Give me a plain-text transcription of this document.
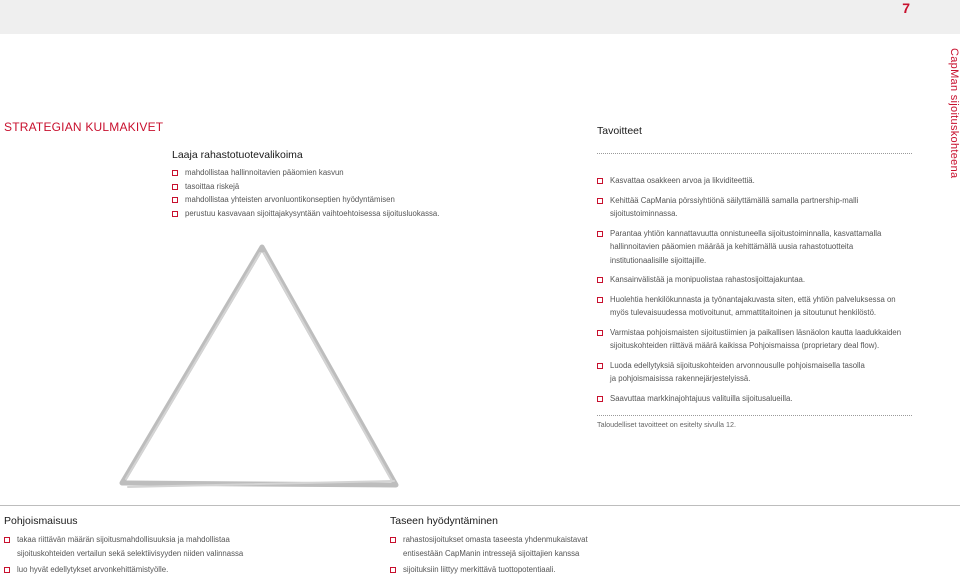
7
CapMan sijoituskohteena
STRATEGIAN KULMAKIVET
Laaja rahastotuotevalikoima
mahdollistaa hallinnoitavien pääomien kasvun
tasoittaa riskejä
mahdollistaa yhteisten arvonluontikonseptien hyödyntämisen
perustuu kasvavaan sijoittajakysyntään vaihtoehtoisessa sijoitusluokassa.
Tavoitteet
Kasvattaa osakkeen arvoa ja likviditeettiä.
Kehittää CapMania pörssiyhtiönä säilyttämällä samalla partnership-malli
sijoitustoiminnassa.
Parantaa yhtiön kannattavuutta onnistuneella sijoitustoiminnalla, kasvattamalla
hallinnoitavien pääomien määrää ja kehittämällä uusia rahastotuotteita
institutionaalisille sijoittajille.
Kansainvälistää ja monipuolistaa rahastosijoittajakuntaa.
Huolehtia henkilökunnasta ja työnantajakuvasta siten, että yhtiön palveluksessa on
myös tulevaisuudessa motivoitunut, ammattitaitoinen ja sitoutunut henkilöstö.
Varmistaa pohjoismaisten sijoitustiimien ja paikallisen läsnäolon kautta laadukkaiden
sijoituskohteiden riittävä määrä kaikissa Pohjoismaissa (proprietary deal flow).
Luoda edellytyksiä sijoituskohteiden arvonnousulle pohjoismaisella tasolla
ja pohjoismaisissa rakennejärjestelyissä.
Saavuttaa markkinajohtajuus valituilla sijoitusalueilla.
Taloudelliset tavoitteet on esitelty sivulla 12.
Pohjoismaisuus
takaa riittävän määrän sijoitusmahdollisuuksia ja mahdollistaa
sijoituskohteiden vertailun sekä selektiivisyyden niiden valinnassa
luo hyvät edellytykset arvonkehittämistyölle.
Taseen hyödyntäminen
rahastosijoitukset omasta taseesta yhdenmukaistavat
entisestään CapManin intressejä sijoittajien kanssa
sijoituksiin liittyy merkittävä tuottopotentiaali.
